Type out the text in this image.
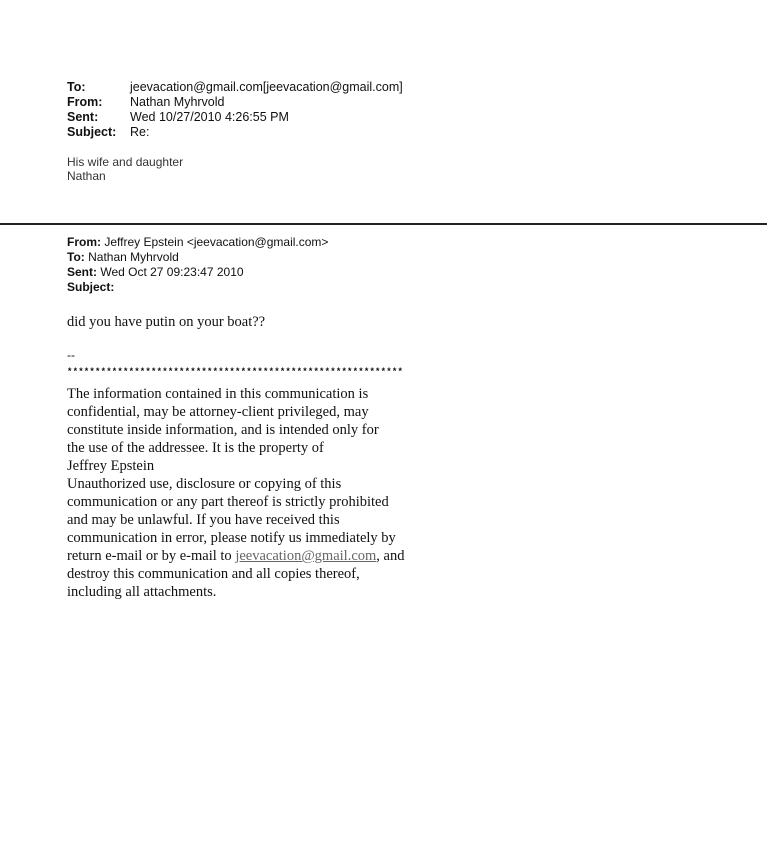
To:	jeevacation@gmail.com[jeevacation@gmail.com]
From:	Nathan Myhrvold
Sent:	Wed 10/27/2010 4:26:55 PM
Subject:	Re:
His wife and daughter
Nathan
From: Jeffrey Epstein <jeevacation@gmail.com>
To: Nathan Myhrvold
Sent: Wed Oct 27 09:23:47 2010
Subject:
did you have putin on your boat??
--
************************************************************
The information contained in this communication is
confidential, may be attorney-client privileged, may
constitute inside information, and is intended only for
the use of the addressee. It is the property of
Jeffrey Epstein
Unauthorized use, disclosure or copying of this
communication or any part thereof is strictly prohibited
and may be unlawful. If you have received this
communication in error, please notify us immediately by
return e-mail or by e-mail to jeevacation@gmail.com, and
destroy this communication and all copies thereof,
including all attachments.
